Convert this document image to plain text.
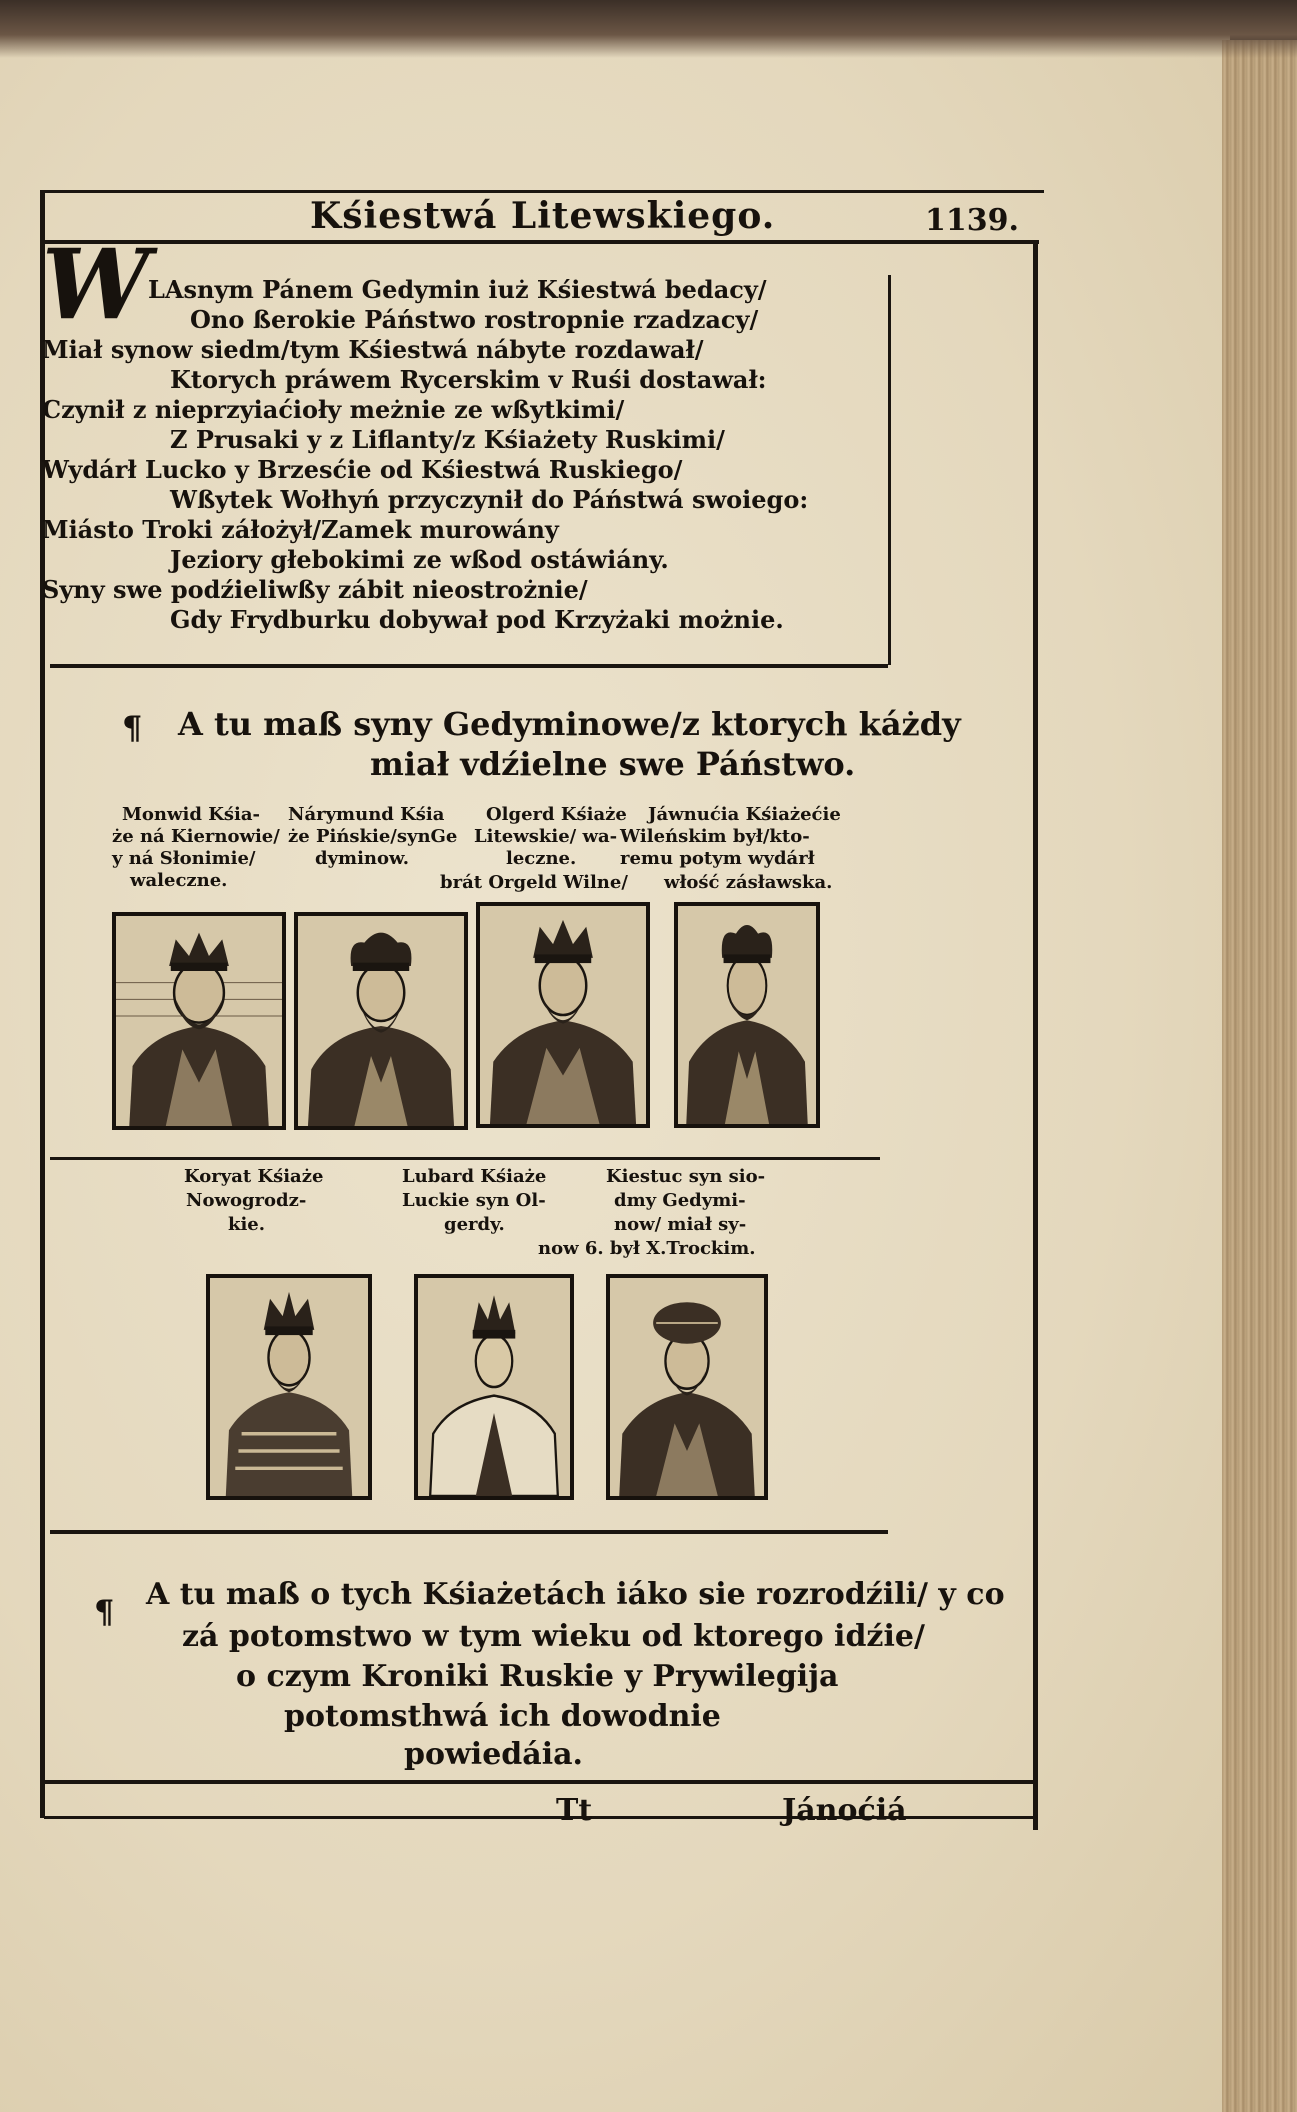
Kśiestwá Litewskiego.	1139.
W
LAsnym Pánem Gedymin iuż Kśiestwá bedacy/
Ono ßerokie Páństwo rostropnie rzadzacy/
Miał synow siedm/tym Kśiestwá nábyte rozdawał/
Ktorych práwem Rycerskim v Ruśi dostawał:
Czynił z nieprzyiaćioły meżnie ze wßytkimi/
Z Prusaki y z Liflanty/z Kśiażety Ruskimi/
Wydárł Lucko y Brzesćie od Kśiestwá Ruskiego/
Wßytek Wołhyń przyczynił do Páństwá swoiego:
Miásto Troki záłożył/Zamek murowány
Jeziory głebokimi ze wßod ostáwiány.
Syny swe podźieliwßy zábit nieostrożnie/
Gdy Frydburku dobywał pod Krzyżaki możnie.
¶ A tu maß syny Gedyminowe/z ktorych káżdy
miał vdźielne swe Páństwo.
Monwid Kśia-
że ná Kiernowie/
y ná Słonimie/
waleczne.
Nárymund Kśia
że Pińskie/synGe
dyminow.
Olgerd Kśiaże
Litewskie/ wa-
leczne.
brát Orgeld Wilne/
Jáwnućia Kśiażećie
Wileńskim był/kto-
remu potym wydárł
włość zásławska.
Koryat Kśiaże
Nowogrodz-
kie.
Lubard Kśiaże
Luckie syn Ol-
gerdy.
Kiestuc syn sio-
dmy Gedymi-
now/ miał sy-
now 6. był X.Trockim.
¶ A tu maß o tych Kśiażetách iáko sie rozrodźili/ y co
zá potomstwo w tym wieku od ktorego idźie/
o czym Kroniki Ruskie y Prywilegija
potomsthwá ich dowodnie
powiedáia.
Tt	Jánoćiá
